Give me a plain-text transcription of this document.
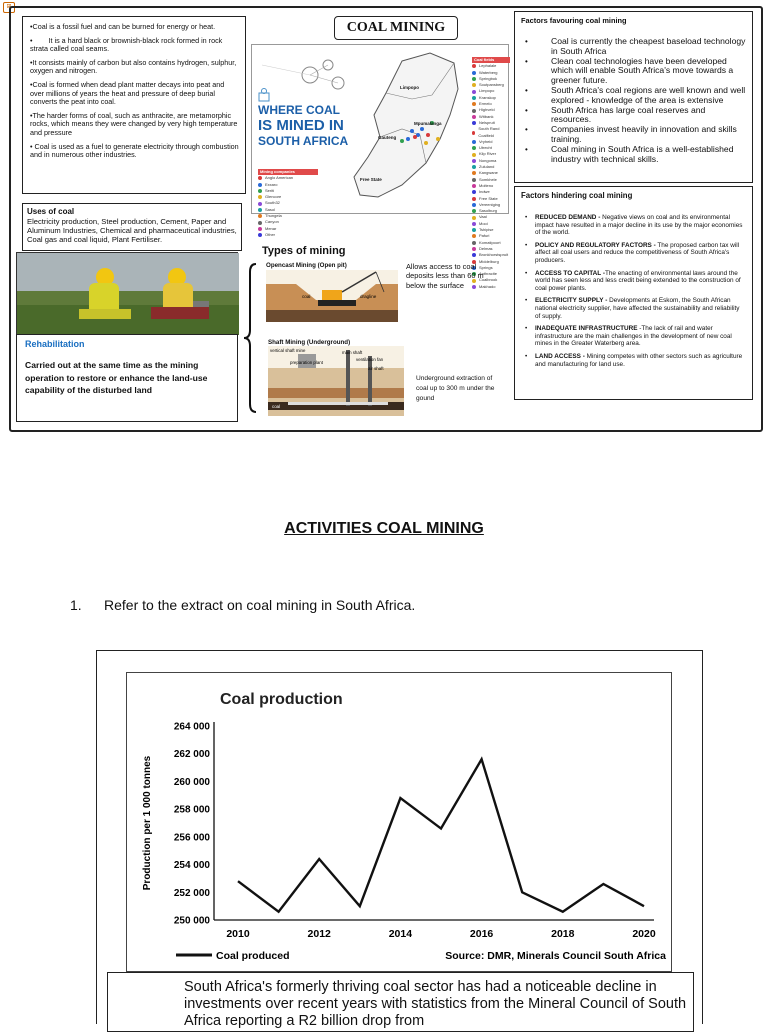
⊞

•Coal is a fossil fuel and can be burned for energy or heat.

•        It is a hard black or brownish-black rock formed in rock strata called coal seams.

•It consists mainly of carbon but also contains hydrogen, sulphur, oxygen and nitrogen.

•Coal is formed when dead plant matter decays into peat and over millions of years the heat and pressure of deep burial converts the peat into coal.

•The harder forms of coal, such as anthracite, are metamorphic rocks, which means they were changed by very high temperature and pressure

• Coal is used as a fuel to generate electricity through combustion and in numerous other industries.

Uses of coal
Electricity production, Steel production, Cement, Paper and Aluminum Industries, Chemical and pharmaceutical industries, Coal gas and coal liquid, Plant Fertiliser.
Rehabilitation
Carried out at the same time as the mining operation to restore or enhance the land-use capability of the disturbed land
COAL MINING
WHERE COAL
IS MINED IN
SOUTH AFRICA
Limpopo
Gauteng
Mpumalanga
Free State
Mining companies
Anglo American
Exxaro
Seriti
Glencore
South32
Sasol
Thungela
Canyon
Menar
Other
Coal fields
Lephalale
Waterberg
Springbok
Soutpansberg
Limpopo
Kranskop
Ermelo
Highveld
Witbank
Nelspruit
South Rand Coalfield
Vryheid
Utrecht
Klip River
Nongoma
Zululand
Kangwane
Somkhele
Molteno
Indwe
Free State
Vereeniging
Sasolburg
Vaal
Mooi
Tshipise
Pafuri
Komatipoort
Delmas
Bronkhorstspruit
Middelburg
Springs
Anthracite
Coalbrook
Makhado
Types of mining
Opencast Mining (Open pit)
coal	dragline
Allows access to coal deposits less than 60 m below the surface
Shaft Mining (Underground)
vertical shaft mine	main shaft
preparation plant
ventilation fan
air shaft
coal
Underground extraction of coal up to 300 m under the gound
Factors favouring coal mining
• Coal is currently the cheapest baseload technology in South Africa
• Clean coal technologies have been developed which will enable South Africa's move towards a greener future.
• South Africa's coal regions are well known and well explored - knowledge of the area is extensive
• South Africa has large coal reserves and resources.
• Companies invest heavily in innovation and skills training.
• Coal mining in South Africa is a well-established industry with technical skills.
Factors hindering coal mining
• REDUCED DEMAND - Negative views on coal and its environmental impact have resulted in a major decline in its use by the major economies of the world.
• POLICY AND REGULATORY FACTORS - The proposed carbon tax will affect all coal users and reduce the competitiveness of South Africa's producers.
• ACCESS TO CAPITAL -The enacting of environmental laws around the world has seen less and less credit being extended to the construction of coal power plants.
• ELECTRICITY SUPPLY - Developments at Eskom, the South African national electricity supplier, have affected the sustainability and reliability of supply.
• INADEQUATE INFRASTRUCTURE -The lack of rail and water infrastructure are the main challenges in the development of new coal mines in the Greater Waterberg area.
• LAND ACCESS - Mining competes with other sectors such as agriculture and manufacturing for land use.
ACTIVITIES COAL MINING
1. Refer to the extract on coal mining in South Africa.
Coal production
250 000
252 000
254 000
256 000
258 000
260 000
262 000
264 000
2010	2012	2014	2016	2018	2020
Production per 1 000 tonnes
Coal produced	Source: DMR, Minerals Council South Africa
South Africa's formerly thriving coal sector has had a noticeable decline in investments over recent years with statistics from the Mineral Council of South Africa reporting a R2 billion drop from
